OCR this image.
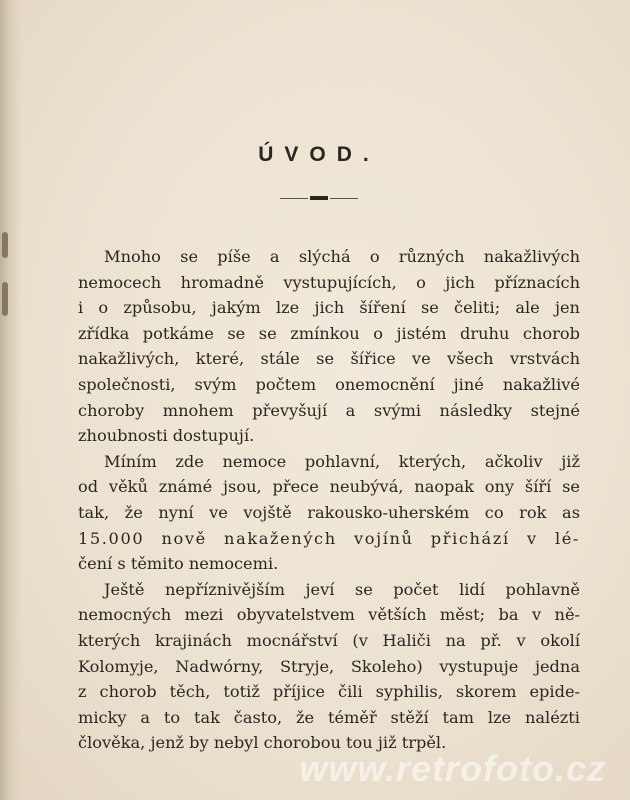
ÚVOD.
Mnoho se píše a slýchá o různých nakažlivých
nemocech hromadně vystupujících, o jich příznacích
i o způsobu, jakým lze jich šíření se čeliti; ale jen
zřídka potkáme se se zmínkou o jistém druhu chorob
nakažlivých, které, stále se šířice ve všech vrstvách
společnosti, svým počtem onemocnění jiné nakažlivé
choroby mnohem převyšují a svými následky stejné
zhoubnosti dostupují.
Míním zde nemoce pohlavní, kterých, ačkoliv již
od věků známé jsou, přece neubývá, naopak ony šíří se
tak, že nyní ve vojště rakousko-uherském co rok as
15.000 nově nakažených vojínů přichází v lé-
čení s těmito nemocemi.
Ještě nepříznivějším jeví se počet lidí pohlavně
nemocných mezi obyvatelstvem větších měst; ba v ně-
kterých krajinách mocnářství (v Haliči na př. v okolí
Kolomyje, Nadwórny, Stryje, Skoleho) vystupuje jedna
z chorob těch, totiž příjice čili syphilis, skorem epide-
micky a to tak často, že téměř stěží tam lze nalézti
člověka, jenž by nebyl chorobou tou již trpěl.
www.retrofoto.cz
